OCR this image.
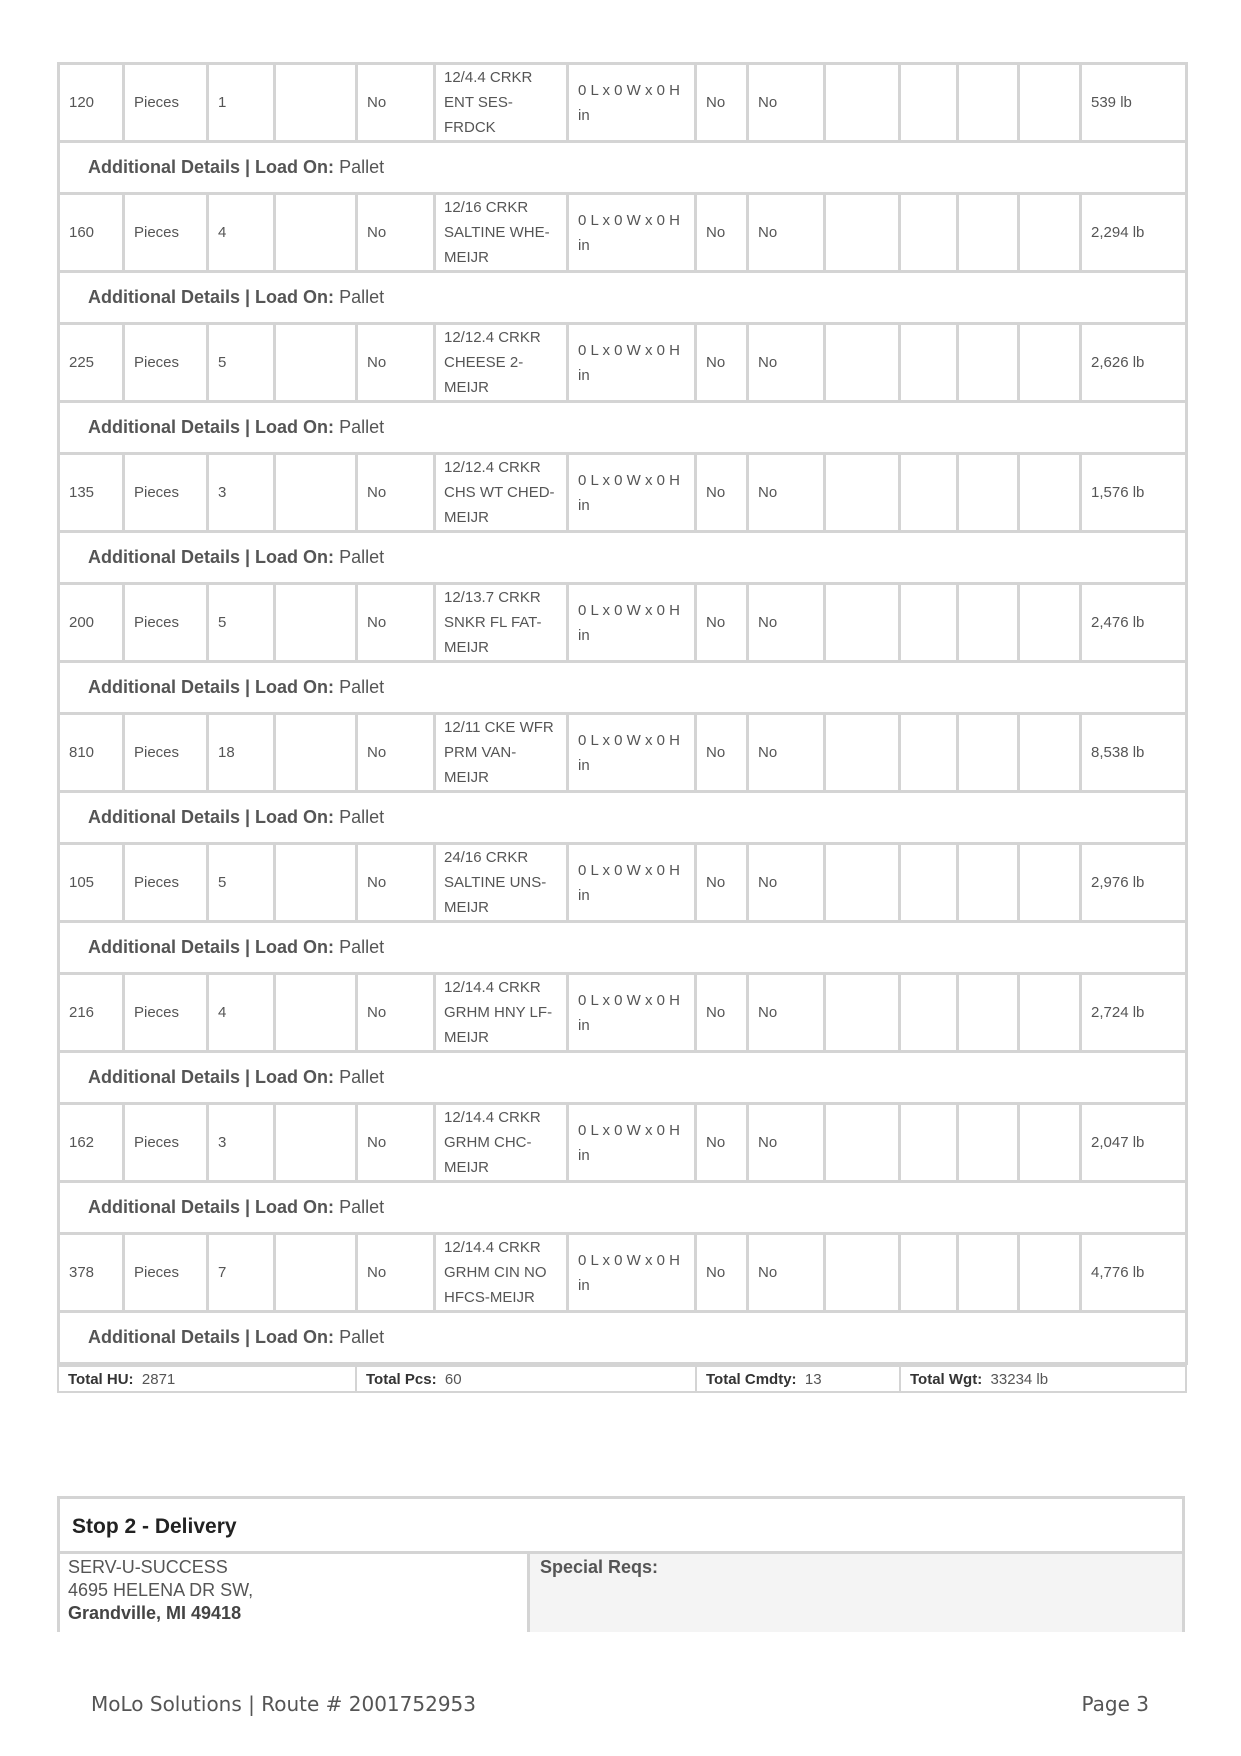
120	Pieces	1		No	12/4.4 CRKR ENT SES-FRDCK	0 L x 0 W x 0 H in	No	No					539 lb
Additional Details | Load On: Pallet													
160	Pieces	4		No	12/16 CRKR SALTINE WHE-MEIJR	0 L x 0 W x 0 H in	No	No					2,294 lb
Additional Details | Load On: Pallet													
225	Pieces	5		No	12/12.4 CRKR CHEESE 2-MEIJR	0 L x 0 W x 0 H in	No	No					2,626 lb
Additional Details | Load On: Pallet													
135	Pieces	3		No	12/12.4 CRKR CHS WT CHED-MEIJR	0 L x 0 W x 0 H in	No	No					1,576 lb
Additional Details | Load On: Pallet													
200	Pieces	5		No	12/13.7 CRKR SNKR FL FAT-MEIJR	0 L x 0 W x 0 H in	No	No					2,476 lb
Additional Details | Load On: Pallet													
810	Pieces	18		No	12/11 CKE WFR PRM VAN-MEIJR	0 L x 0 W x 0 H in	No	No					8,538 lb
Additional Details | Load On: Pallet													
105	Pieces	5		No	24/16 CRKR SALTINE UNS-MEIJR	0 L x 0 W x 0 H in	No	No					2,976 lb
Additional Details | Load On: Pallet													
216	Pieces	4		No	12/14.4 CRKR GRHM HNY LF-MEIJR	0 L x 0 W x 0 H in	No	No					2,724 lb
Additional Details | Load On: Pallet													
162	Pieces	3		No	12/14.4 CRKR GRHM CHC-MEIJR	0 L x 0 W x 0 H in	No	No					2,047 lb
Additional Details | Load On: Pallet													
378	Pieces	7		No	12/14.4 CRKR GRHM CIN NO HFCS-MEIJR	0 L x 0 W x 0 H in	No	No					4,776 lb
Additional Details | Load On: Pallet													
Total HU: 2871	Total Pcs: 60	Total Cmdty: 13	Total Wgt: 33234 lb
Stop 2 - Delivery
SERV-U-SUCCESS
4695 HELENA DR SW,
Grandville, MI 49418
Special Reqs:
MoLo Solutions | Route # 2001752953	Page 3
